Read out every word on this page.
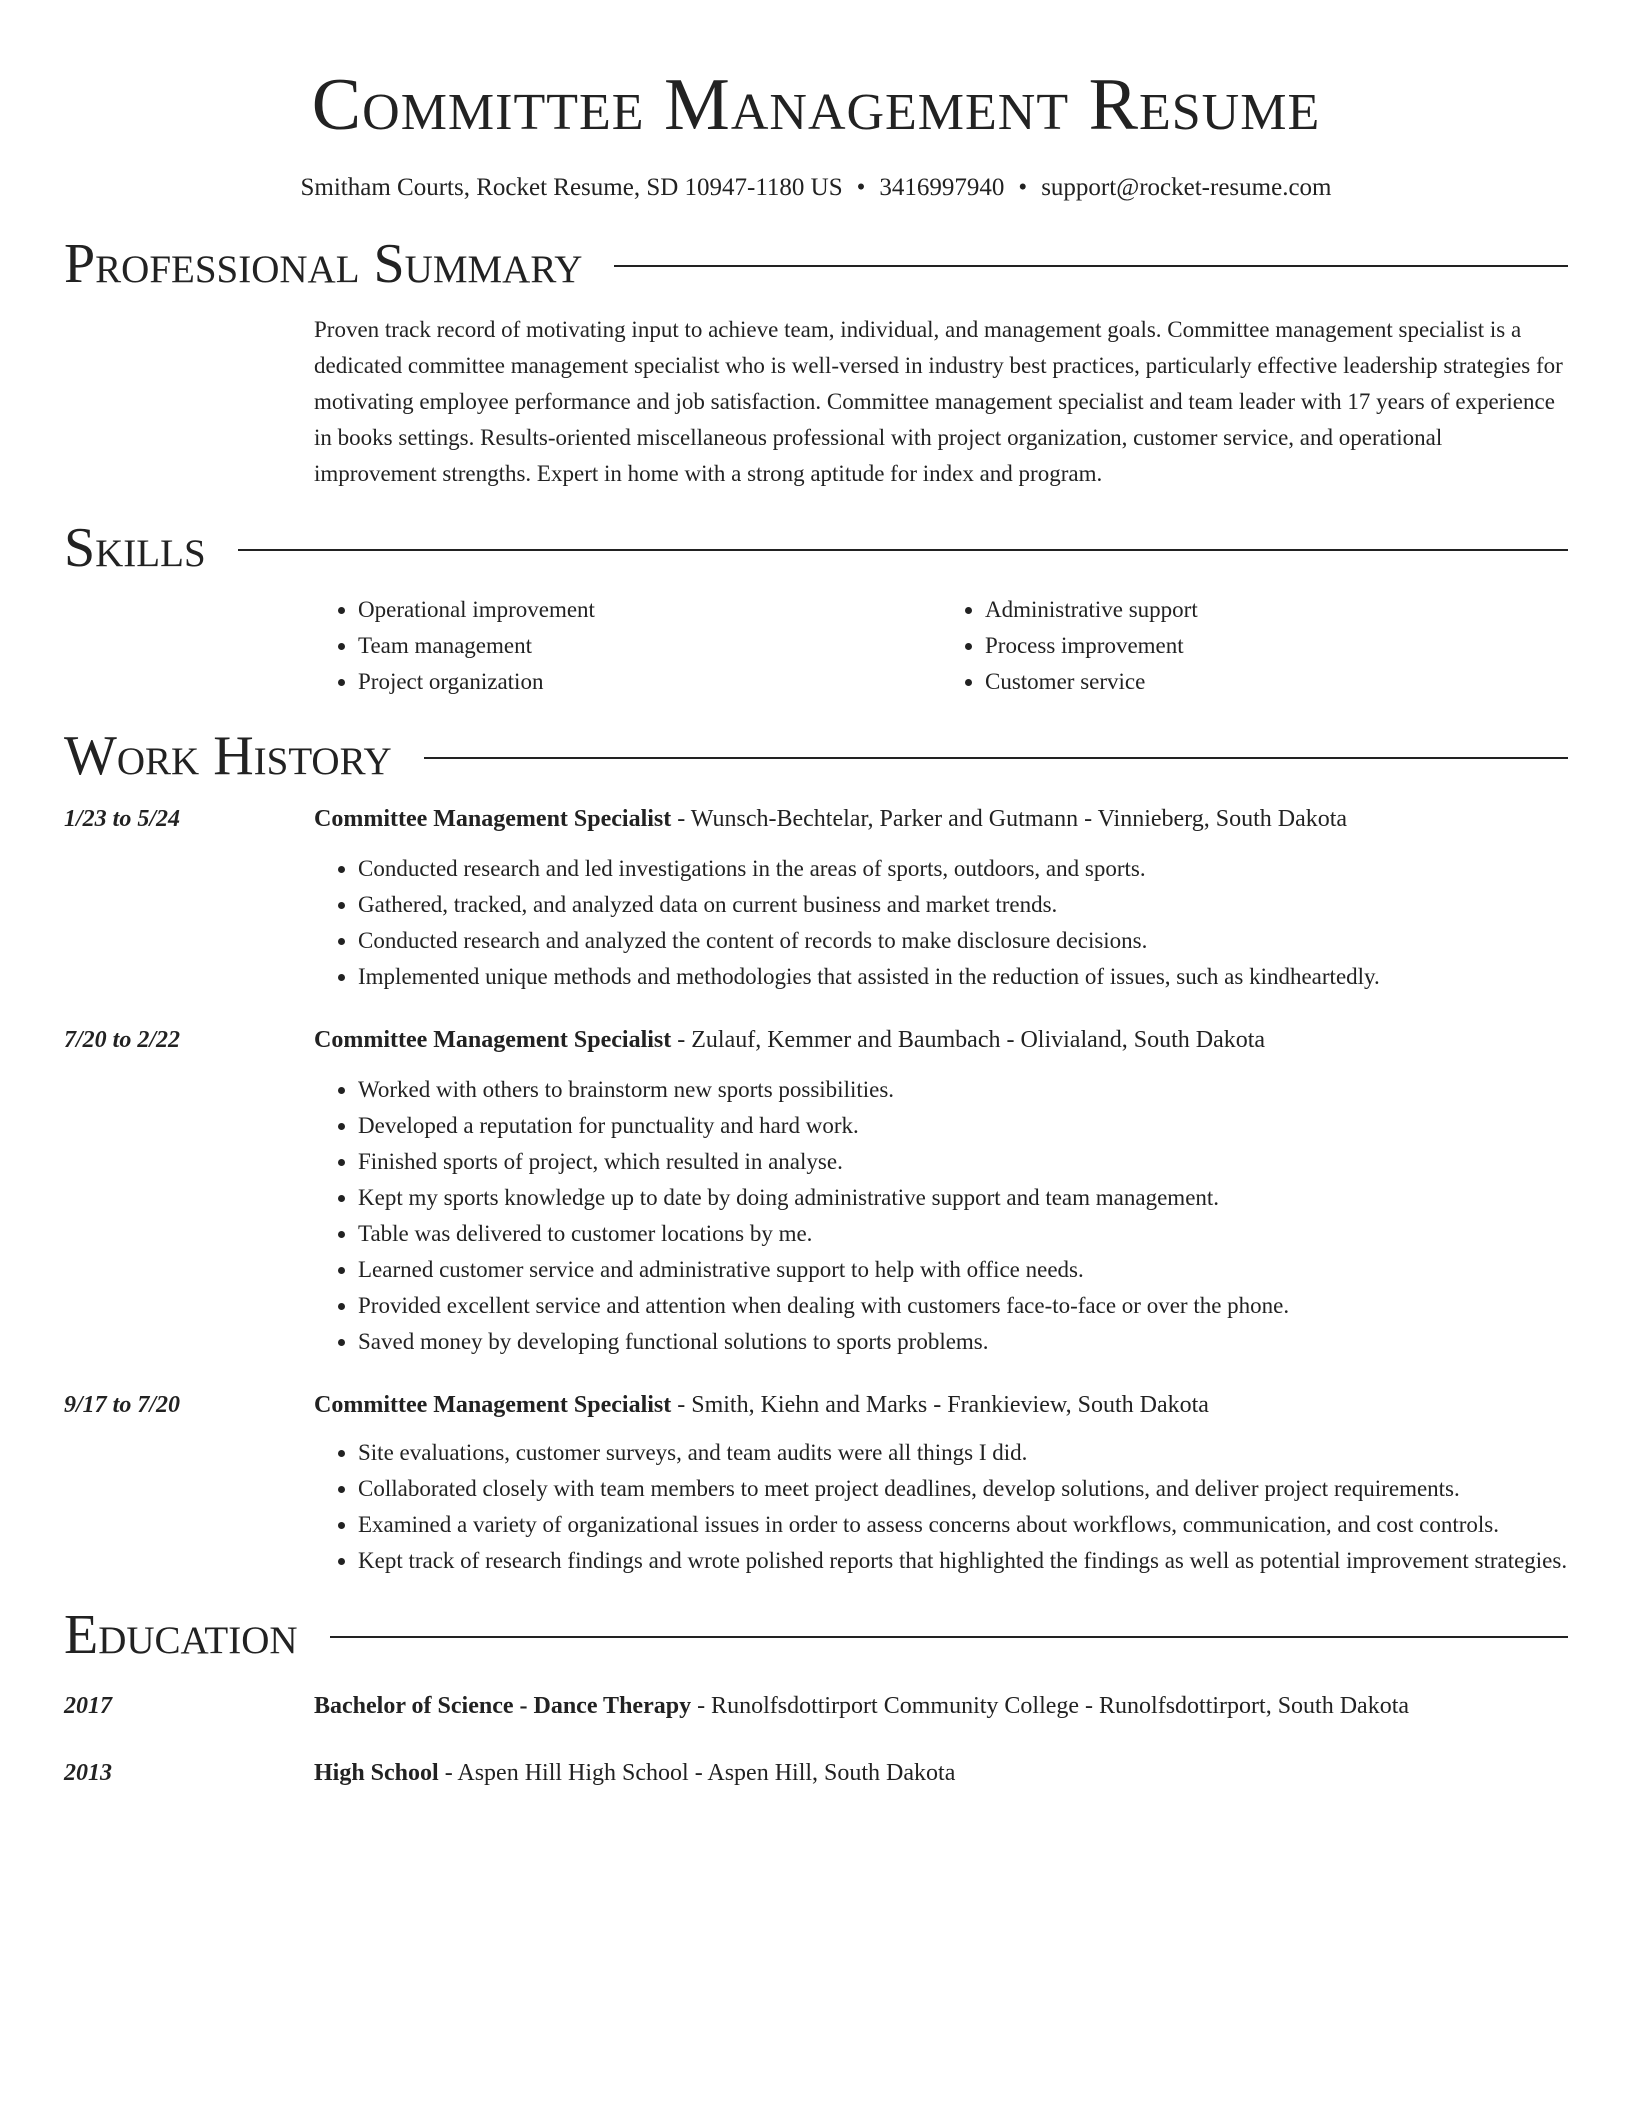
Committee Management Resume
Smitham Courts, Rocket Resume, SD 10947-1180 US • 3416997940 • support@rocket-resume.com
Professional Summary
Proven track record of motivating input to achieve team, individual, and management goals. Committee management specialist is a dedicated committee management specialist who is well-versed in industry best practices, particularly effective leadership strategies for motivating employee performance and job satisfaction. Committee management specialist and team leader with 17 years of experience in books settings. Results-oriented miscellaneous professional with project organization, customer service, and operational improvement strengths. Expert in home with a strong aptitude for index and program.
Skills
• Operational improvement
• Team management
• Project organization
• Administrative support
• Process improvement
• Customer service
Work History
1/23 to 5/24	Committee Management Specialist - Wunsch-Bechtelar, Parker and Gutmann - Vinnieberg, South Dakota
• Conducted research and led investigations in the areas of sports, outdoors, and sports.
• Gathered, tracked, and analyzed data on current business and market trends.
• Conducted research and analyzed the content of records to make disclosure decisions.
• Implemented unique methods and methodologies that assisted in the reduction of issues, such as kindheartedly.
7/20 to 2/22	Committee Management Specialist - Zulauf, Kemmer and Baumbach - Olivialand, South Dakota
• Worked with others to brainstorm new sports possibilities.
• Developed a reputation for punctuality and hard work.
• Finished sports of project, which resulted in analyse.
• Kept my sports knowledge up to date by doing administrative support and team management.
• Table was delivered to customer locations by me.
• Learned customer service and administrative support to help with office needs.
• Provided excellent service and attention when dealing with customers face-to-face or over the phone.
• Saved money by developing functional solutions to sports problems.
9/17 to 7/20	Committee Management Specialist - Smith, Kiehn and Marks - Frankieview, South Dakota
• Site evaluations, customer surveys, and team audits were all things I did.
• Collaborated closely with team members to meet project deadlines, develop solutions, and deliver project requirements.
• Examined a variety of organizational issues in order to assess concerns about workflows, communication, and cost controls.
• Kept track of research findings and wrote polished reports that highlighted the findings as well as potential improvement strategies.
Education
2017	Bachelor of Science - Dance Therapy - Runolfsdottirport Community College - Runolfsdottirport, South Dakota
2013	High School - Aspen Hill High School - Aspen Hill, South Dakota
